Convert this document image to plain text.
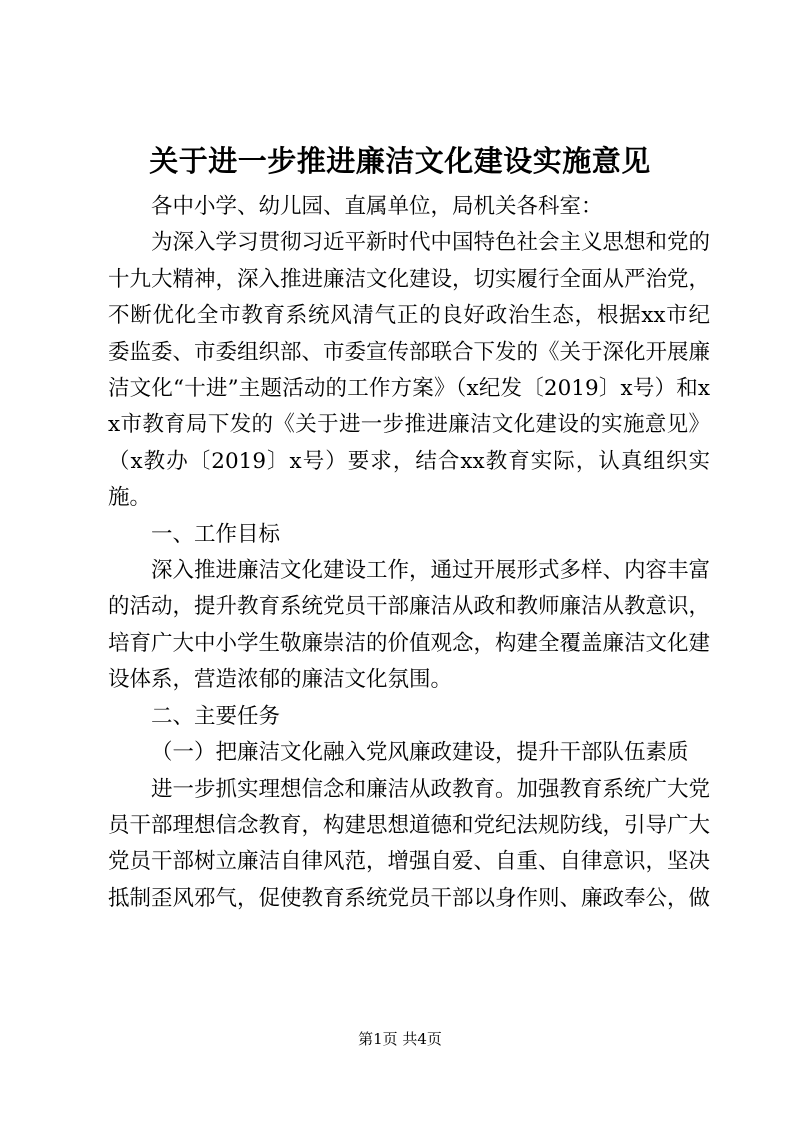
关于进一步推进廉洁文化建设实施意见

各中小学、幼儿园、直属单位，局机关各科室：

为深入学习贯彻习近平新时代中国特色社会主义思想和党的十九大精神，深入推进廉洁文化建设，切实履行全面从严治党，不断优化全市教育系统风清气正的良好政治生态，根据xx市纪委监委、市委组织部、市委宣传部联合下发的《关于深化开展廉洁文化“十进”主题活动的工作方案》（x纪发〔2019〕x号）和xx市教育局下发的《关于进一步推进廉洁文化建设的实施意见》（x教办〔2019〕x号）要求，结合xx教育实际，认真组织实施。

一、工作目标

深入推进廉洁文化建设工作，通过开展形式多样、内容丰富的活动，提升教育系统党员干部廉洁从政和教师廉洁从教意识，培育广大中小学生敬廉崇洁的价值观念，构建全覆盖廉洁文化建设体系，营造浓郁的廉洁文化氛围。

二、主要任务

（一）把廉洁文化融入党风廉政建设，提升干部队伍素质

进一步抓实理想信念和廉洁从政教育。加强教育系统广大党员干部理想信念教育，构建思想道德和党纪法规防线，引导广大党员干部树立廉洁自律风范，增强自爱、自重、自律意识，坚决抵制歪风邪气，促使教育系统党员干部以身作则、廉政奉公，做

第1页 共4页
